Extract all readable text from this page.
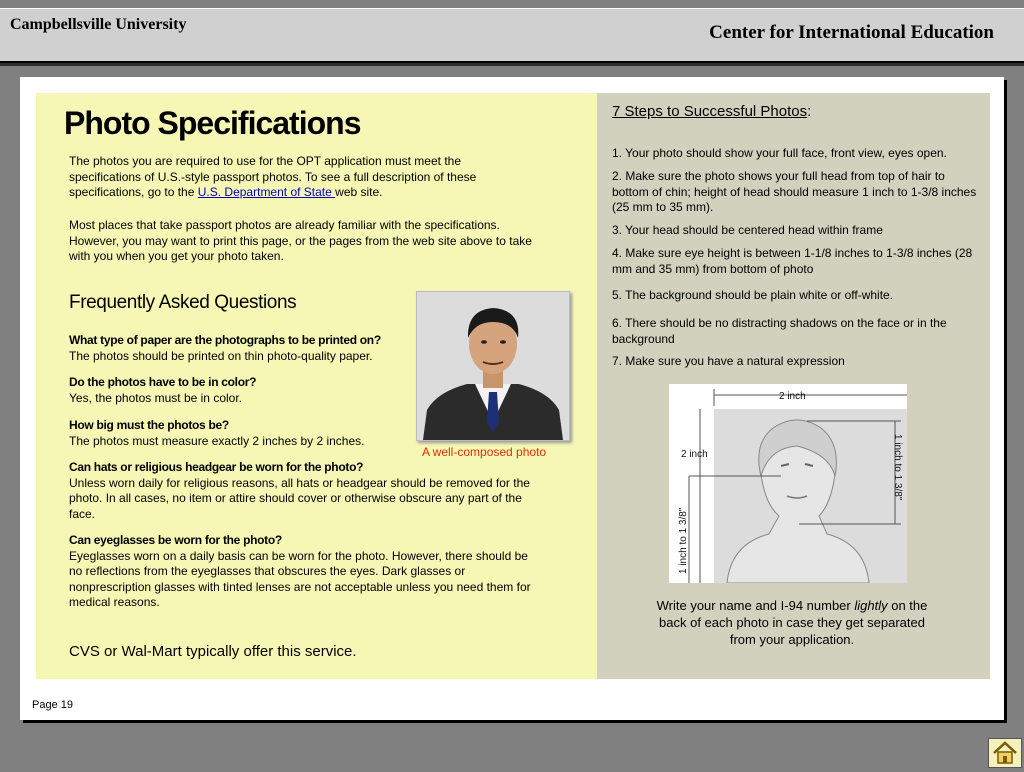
Campbellsville University	Center for International Education
Photo Specifications
The photos you are required to use for the OPT application must meet the specifications of U.S.-style passport photos. To see a full description of these specifications, go to the U.S. Department of State web site.
Most places that take passport photos are already familiar with the specifications. However, you may want to print this page, or the pages from the web site above to take with you when you get your photo taken.
Frequently Asked Questions
What type of paper are the photographs to be printed on?
The photos should be printed on thin photo-quality paper.
Do the photos have to be in color?
Yes, the photos must be in color.
How big must the photos be?
The photos must measure exactly 2 inches by 2 inches.
Can hats or religious headgear be worn for the photo?
Unless worn daily for religious reasons, all hats or headgear should be removed for the photo. In all cases, no item or attire should cover or otherwise obscure any part of the face.
Can eyeglasses be worn for the photo?
Eyeglasses worn on a daily basis can be worn for the photo. However, there should be no reflections from the eyeglasses that obscures the eyes. Dark glasses or nonprescription glasses with tinted lenses are not acceptable unless you need them for medical reasons.
A well-composed photo
CVS or Wal-Mart typically offer this service.
7 Steps to Successful Photos:
1. Your photo should show your full face, front view, eyes open.
2. Make sure the photo shows your full head from top of hair to bottom of chin; height of head should measure 1 inch to 1-3/8 inches (25 mm to 35 mm).
3. Your head should be centered head within frame
4. Make sure eye height is between 1-1/8 inches to 1-3/8 inches (28 mm and 35 mm) from bottom of photo
5. The background should be plain white or off-white.
6. There should be no distracting shadows on the face or in the background
7. Make sure you have a natural expression
2 inch
2 inch	1 inch to 1 3/8"
1 inch to 1 3/8"
Write your name and I-94 number lightly on the back of each photo in case they get separated from your application.
Page 19
